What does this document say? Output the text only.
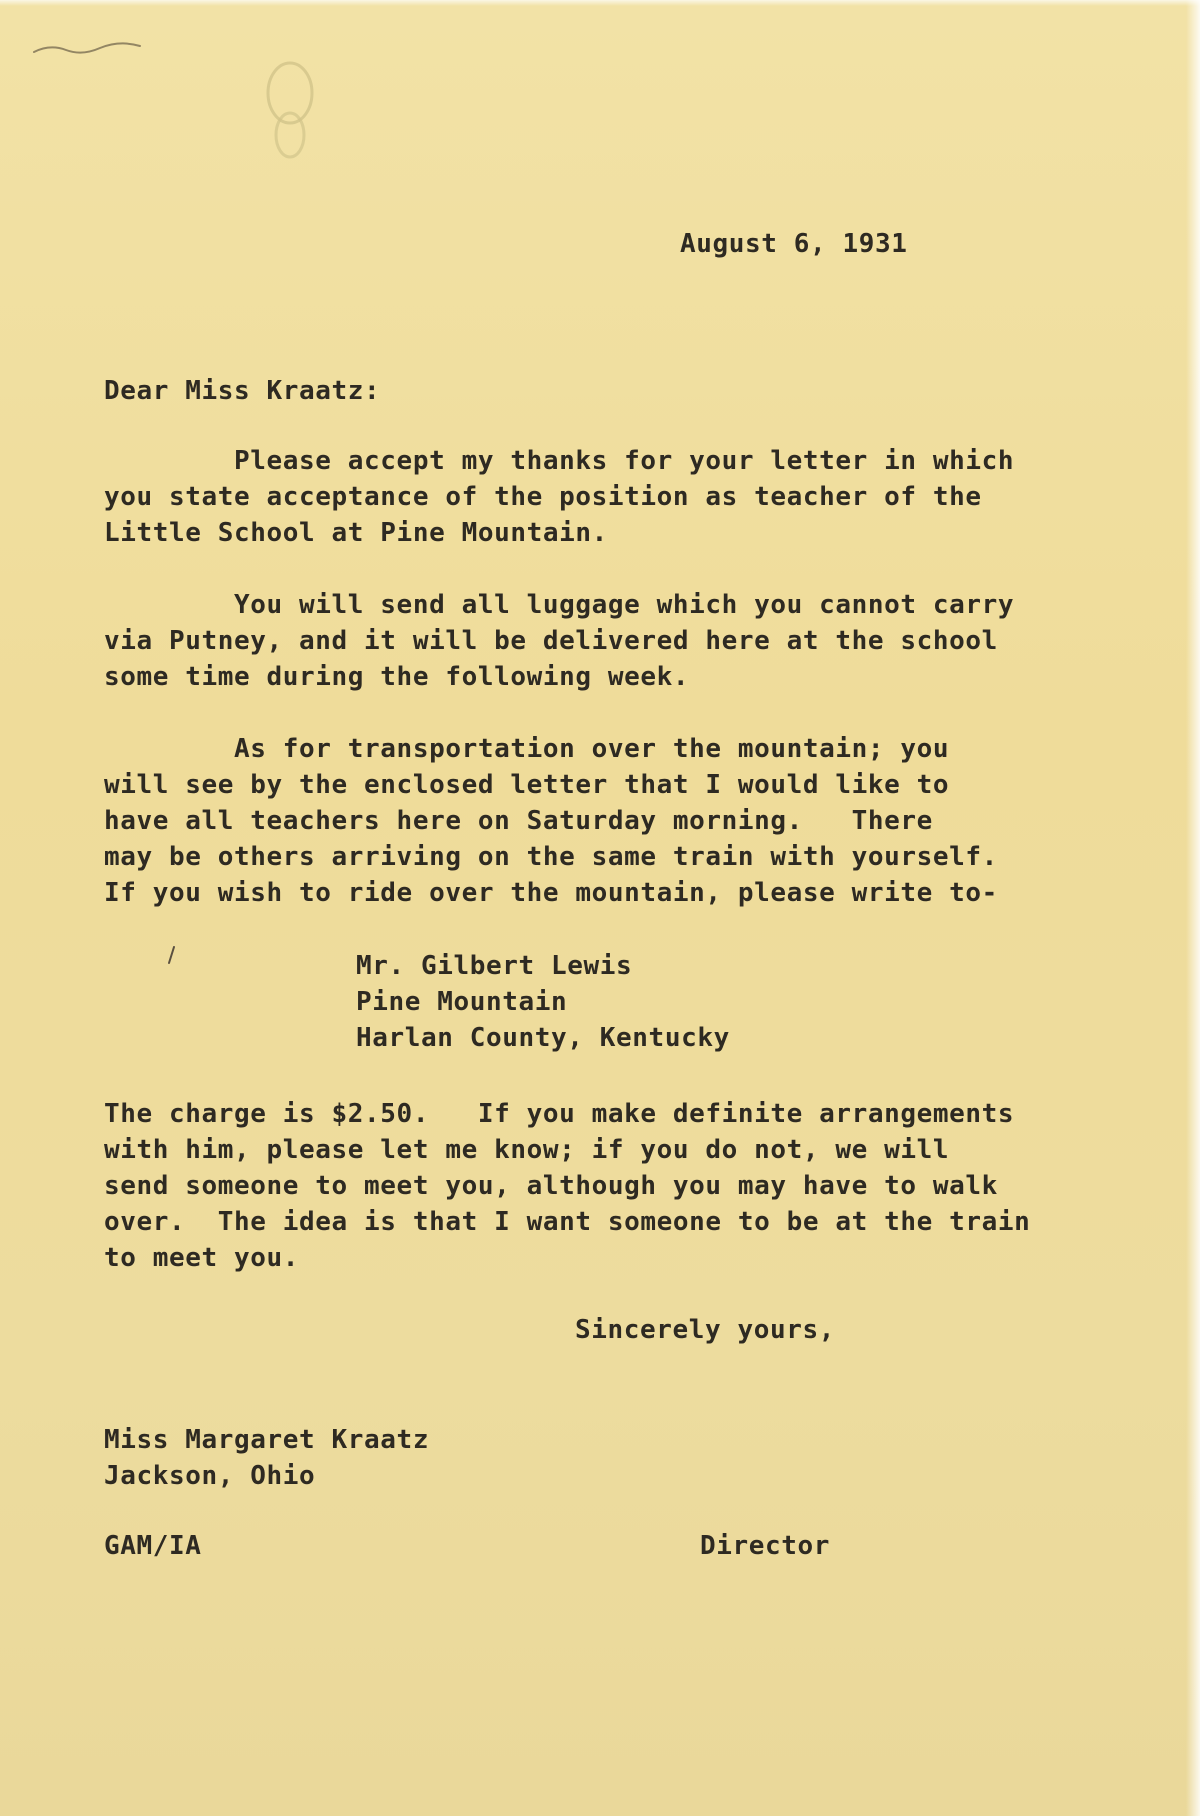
August 6, 1931
Dear Miss Kraatz:
Please accept my thanks for your letter in which
you state acceptance of the position as teacher of the
Little School at Pine Mountain.
You will send all luggage which you cannot carry
via Putney, and it will be delivered here at the school
some time during the following week.
As for transportation over the mountain; you
will see by the enclosed letter that I would like to
have all teachers here on Saturday morning.   There
may be others arriving on the same train with yourself.
If you wish to ride over the mountain, please write to-
Mr. Gilbert Lewis
Pine Mountain
Harlan County, Kentucky
The charge is $2.50.   If you make definite arrangements
with him, please let me know; if you do not, we will
send someone to meet you, although you may have to walk
over.  The idea is that I want someone to be at the train
to meet you.
Sincerely yours,
Miss Margaret Kraatz
Jackson, Ohio
GAM/IA	Director
